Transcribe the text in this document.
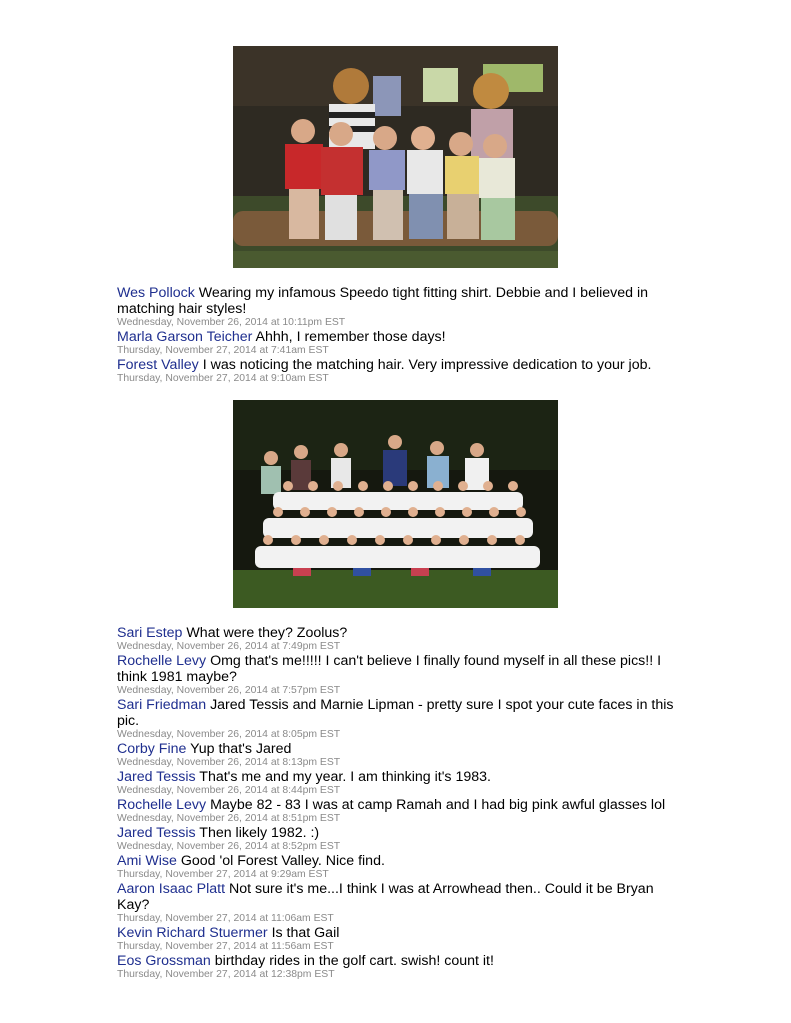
Wes Pollock Wearing my infamous Speedo tight fitting shirt. Debbie and I believed in matching hair styles!
Wednesday, November 26, 2014 at 10:11pm EST
Marla Garson Teicher Ahhh, I remember those days!
Thursday, November 27, 2014 at 7:41am EST
Forest Valley I was noticing the matching hair. Very impressive dedication to your job.
Thursday, November 27, 2014 at 9:10am EST
Sari Estep What were they? Zoolus?
Wednesday, November 26, 2014 at 7:49pm EST
Rochelle Levy Omg that's me!!!!! I can't believe I finally found myself in all these pics!! I think 1981 maybe?
Wednesday, November 26, 2014 at 7:57pm EST
Sari Friedman Jared Tessis and Marnie Lipman - pretty sure I spot your cute faces in this pic.
Wednesday, November 26, 2014 at 8:05pm EST
Corby Fine Yup that's Jared
Wednesday, November 26, 2014 at 8:13pm EST
Jared Tessis That's me and my year. I am thinking it's 1983.
Wednesday, November 26, 2014 at 8:44pm EST
Rochelle Levy Maybe 82 - 83 I was at camp Ramah and I had big pink awful glasses lol
Wednesday, November 26, 2014 at 8:51pm EST
Jared Tessis Then likely 1982. :)
Wednesday, November 26, 2014 at 8:52pm EST
Ami Wise Good 'ol Forest Valley. Nice find.
Thursday, November 27, 2014 at 9:29am EST
Aaron Isaac Platt Not sure it's me...I think I was at Arrowhead then.. Could it be Bryan Kay?
Thursday, November 27, 2014 at 11:06am EST
Kevin Richard Stuermer Is that Gail
Thursday, November 27, 2014 at 11:56am EST
Eos Grossman birthday rides in the golf cart. swish! count it!
Thursday, November 27, 2014 at 12:38pm EST
